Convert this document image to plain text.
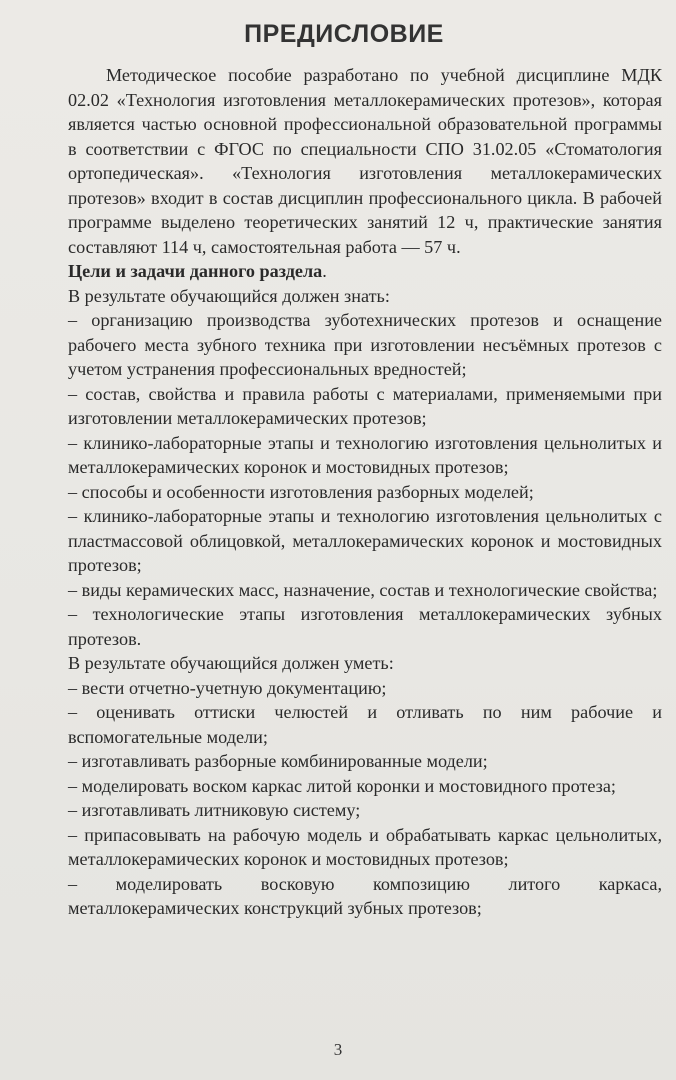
ПРЕДИСЛОВИЕ

Методическое пособие разработано по учебной дисциплине МДК 02.02 «Технология изготовления металлокерамических протезов», которая является частью основной профессиональной образовательной программы в соответствии с ФГОС по специальности СПО 31.02.05 «Стоматология ортопедическая». «Технология изготовления металлокерамических протезов» входит в состав дисциплин профессионального цикла. В рабочей программе выделено теоретических занятий 12 ч, практические занятия составляют 114 ч, самостоятельная работа — 57 ч.

Цели и задачи данного раздела.

В результате обучающийся должен знать:

– организацию производства зуботехнических протезов и оснащение рабочего места зубного техника при изготовлении несъёмных протезов с учетом устранения профессиональных вредностей;

– состав, свойства и правила работы с материалами, применяемыми при изготовлении металлокерамических протезов;

– клинико-лабораторные этапы и технологию изготовления цельнолитых и металлокерамических коронок и мостовидных протезов;

– способы и особенности изготовления разборных моделей;

– клинико-лабораторные этапы и технологию изготовления цельнолитых с пластмассовой облицовкой, металлокерамических коронок и мостовидных протезов;

– виды керамических масс, назначение, состав и технологические свойства;

– технологические этапы изготовления металлокерамических зубных протезов.

В результате обучающийся должен уметь:

– вести отчетно-учетную документацию;

– оценивать оттиски челюстей и отливать по ним рабочие и вспомогательные модели;

– изготавливать разборные комбинированные модели;

– моделировать воском каркас литой коронки и мостовидного протеза;

– изготавливать литниковую систему;

– припасовывать на рабочую модель и обрабатывать каркас цельнолитых, металлокерамических коронок и мостовидных протезов;

– моделировать восковую композицию литого каркаса, металлокерамических конструкций зубных протезов;

3
